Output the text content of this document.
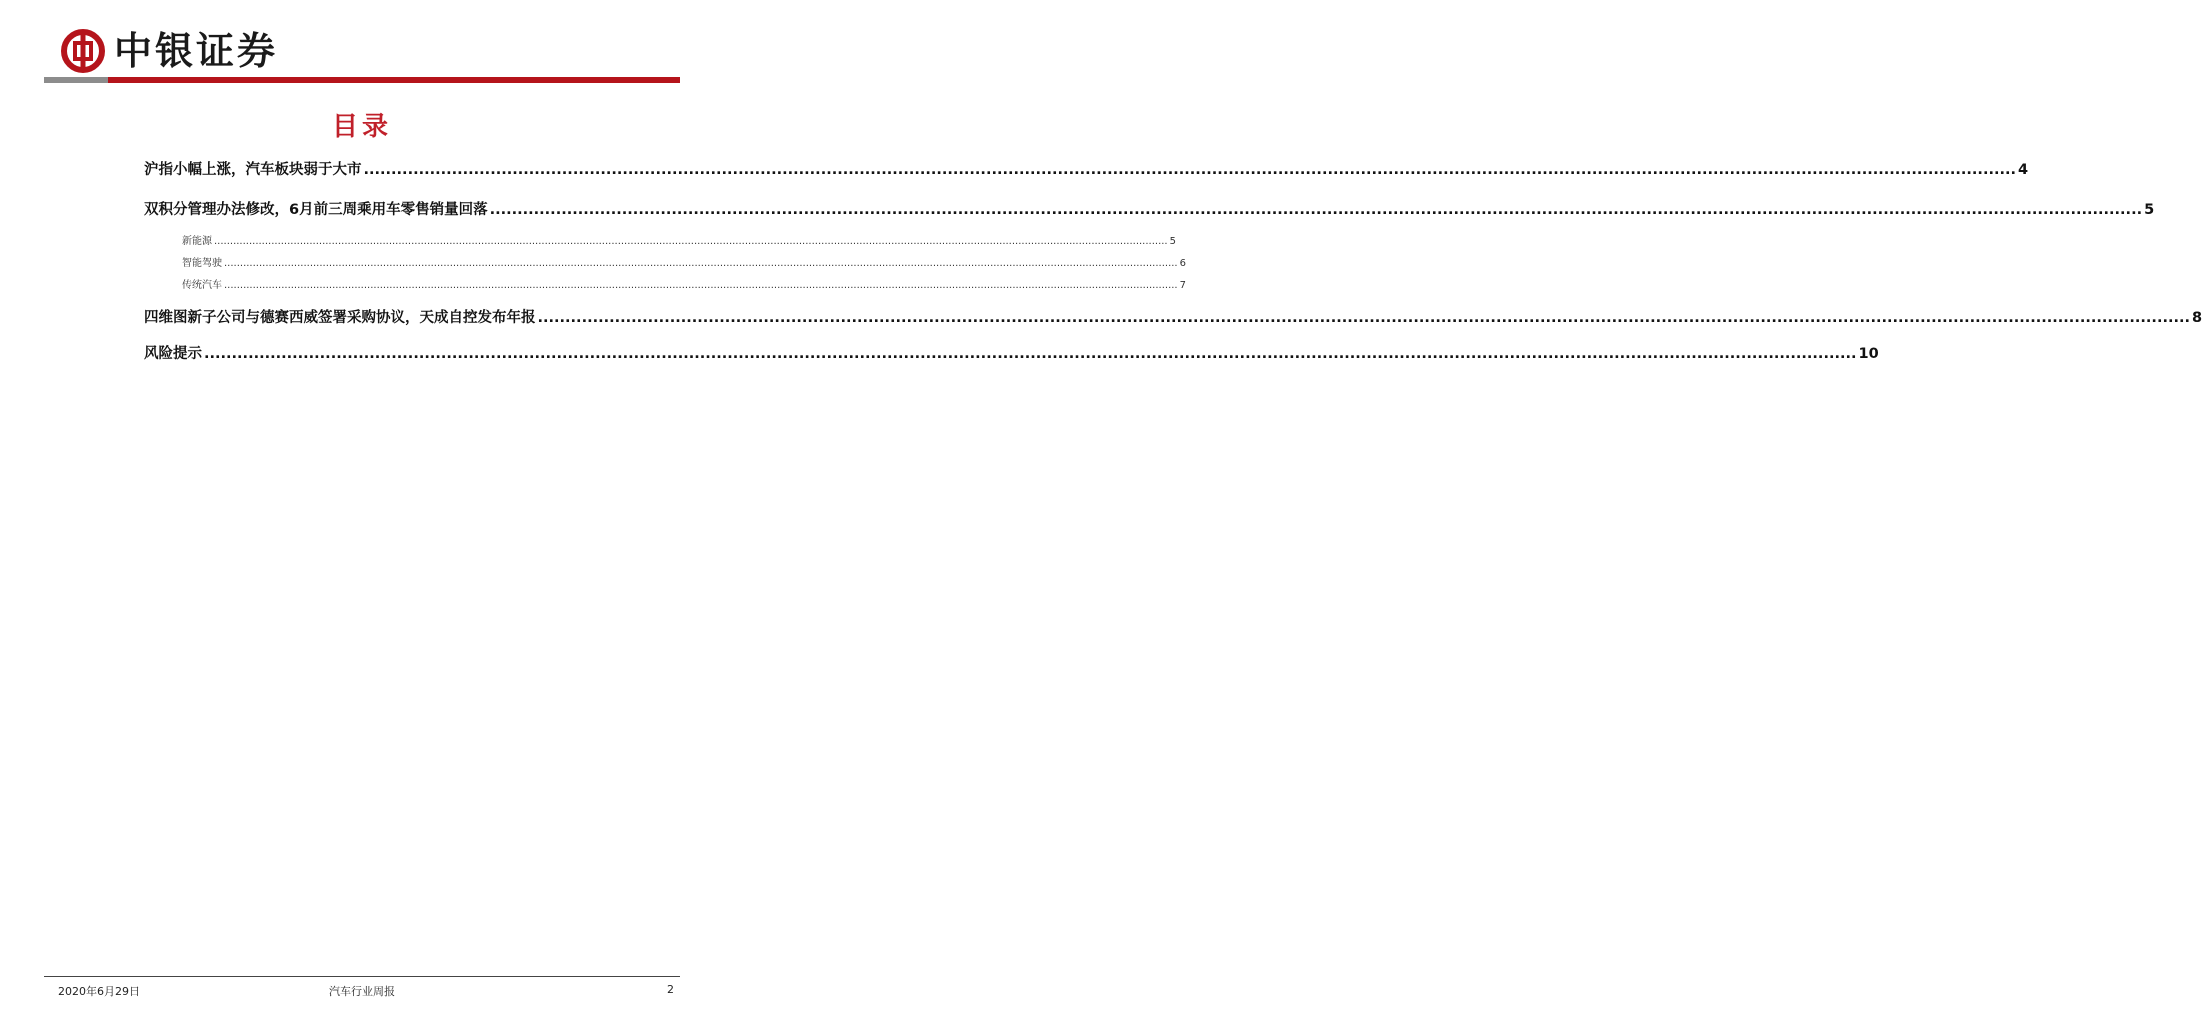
中银证券
目录
沪指小幅上涨，汽车板块弱于大市 ............................................................................................................................................................................................................................................................................................................ 4
双积分管理办法修改，6月前三周乘用车零售销量回落 ............................................................................................................................................................................................................................................................................................................ 5
新能源 ............................................................................................................................................................................................................................................................................................................ 5
智能驾驶 ............................................................................................................................................................................................................................................................................................................ 6
传统汽车 ............................................................................................................................................................................................................................................................................................................ 7
四维图新子公司与德赛西威签署采购协议，天成自控发布年报 ............................................................................................................................................................................................................................................................................................................ 8
风险提示 ............................................................................................................................................................................................................................................................................................................ 10
2020年6月29日	汽车行业周报	2
